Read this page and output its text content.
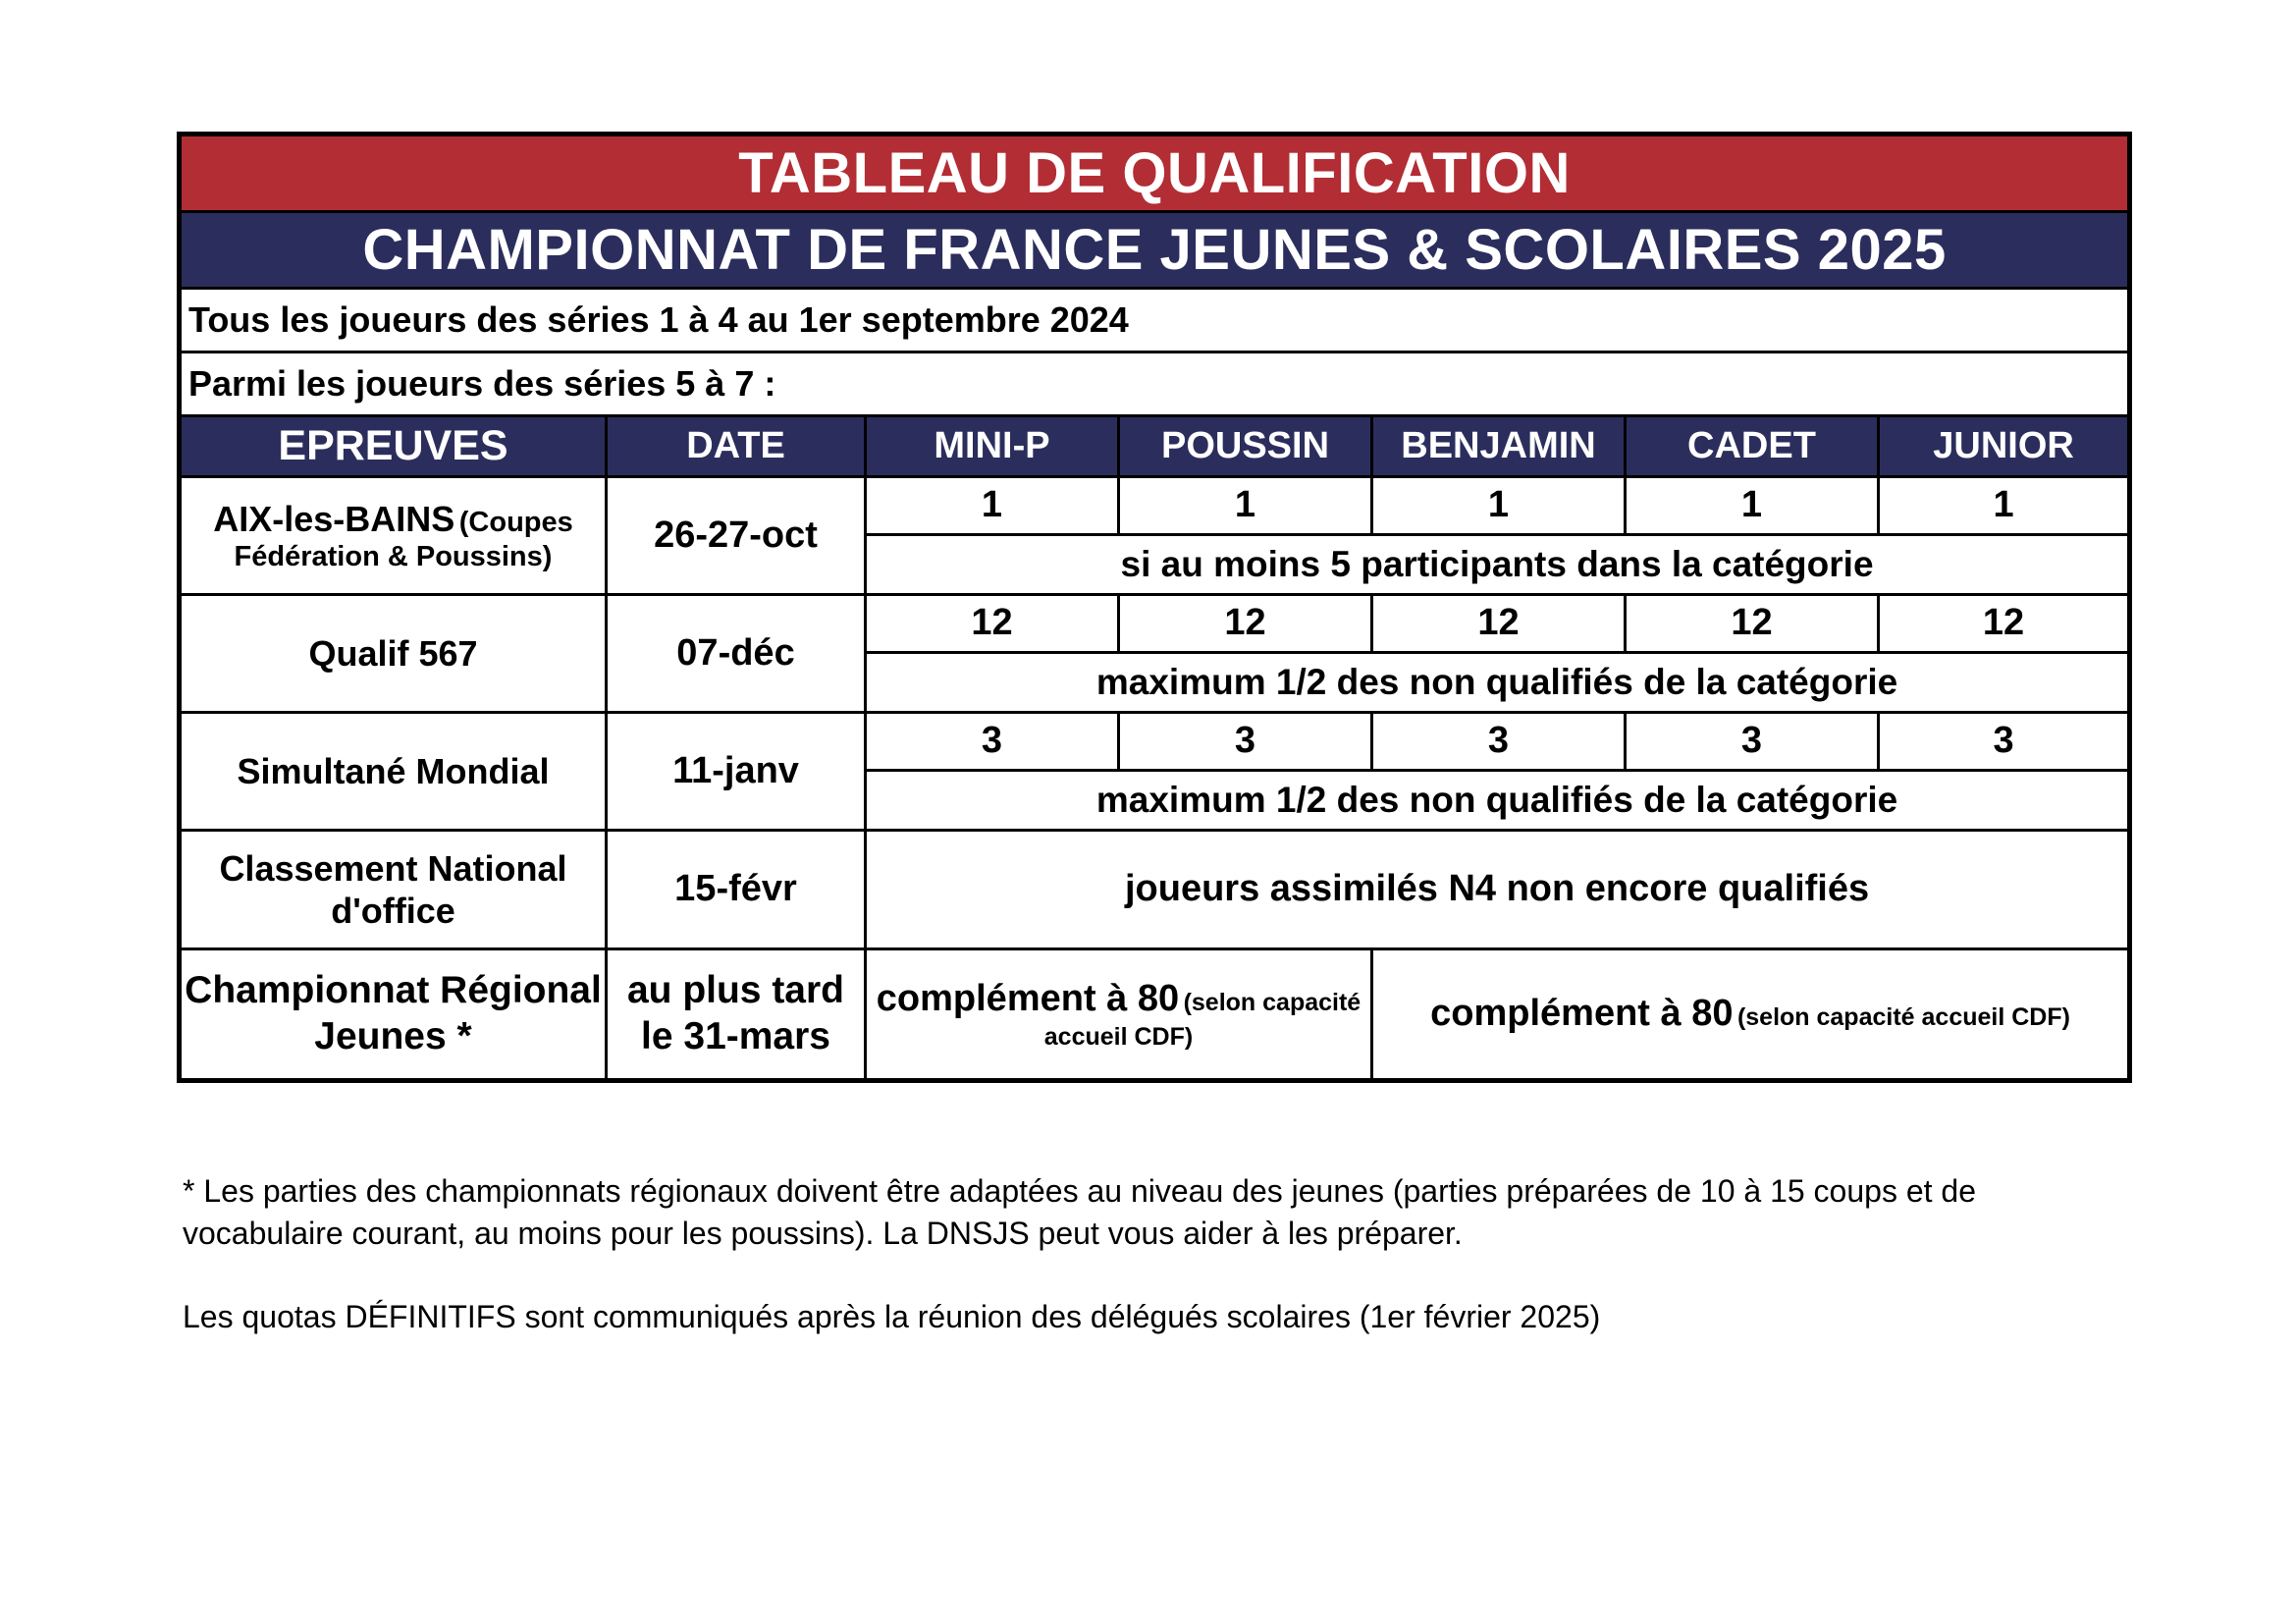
TABLEAU DE QUALIFICATION						
CHAMPIONNAT DE FRANCE JEUNES & SCOLAIRES 2025						
Tous les joueurs des séries 1 à 4 au 1er septembre 2024						
Parmi les joueurs des séries 5 à 7 :						
EPREUVES	DATE	MINI-P	POUSSIN	BENJAMIN	CADET	JUNIOR
AIX-les-BAINS (Coupes Fédération & Poussins)	26-27-oct	1	1	1	1	1
		si au moins 5 participants dans la catégorie				
Qualif 567	07-déc	12	12	12	12	12
		maximum 1/2 des non qualifiés de la catégorie				
Simultané Mondial	11-janv	3	3	3	3	3
		maximum 1/2 des non qualifiés de la catégorie				
Classement National d'office	15-févr	joueurs assimilés N4 non encore qualifiés				
Championnat Régional Jeunes *	au plus tard le 31-mars	complément à 80 (selon capacité accueil CDF)		complément à 80 (selon capacité accueil CDF)		

* Les parties des championnats régionaux doivent être adaptées au niveau des jeunes (parties préparées de 10 à 15 coups et de vocabulaire courant, au moins pour les poussins). La DNSJS peut vous aider à les préparer.

Les quotas DÉFINITIFS sont communiqués après la réunion des délégués scolaires (1er février 2025)
